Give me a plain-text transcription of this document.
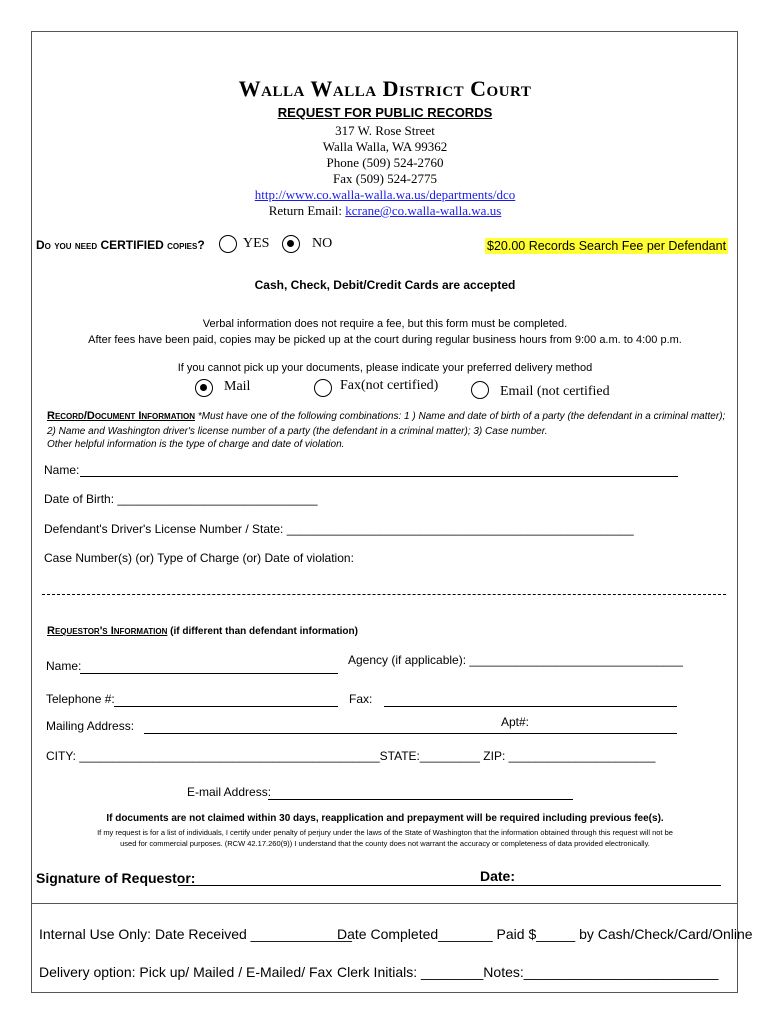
Walla Walla District Court
REQUEST FOR PUBLIC RECORDS
317 W. Rose Street
Walla Walla, WA 99362
Phone (509) 524-2760
Fax (509) 524-2775
http://www.co.walla-walla.wa.us/departments/dco
Return Email: kcrane@co.walla-walla.wa.us
Do you need CERTIFIED copies?	YES	NO	$20.00 Records Search Fee per Defendant
Cash, Check, Debit/Credit Cards are accepted
Verbal information does not require a fee, but this form must be completed.
After fees have been paid, copies may be picked up at the court during regular business hours from 9:00 a.m. to 4:00 p.m.
If you cannot pick up your documents, please indicate your preferred delivery method
Mail	Fax(not certified)	Email (not certified
Record/Document Information *Must have one of the following combinations: 1 ) Name and date of birth of a party (the defendant in a criminal matter);
2) Name and Washington driver's license number of a party (the defendant in a criminal matter); 3) Case number.
Other helpful information is the type of charge and date of violation.
Name:
Date of Birth: ______________________________
Defendant's Driver's License Number / State: ____________________________________________________
Case Number(s) (or) Type of Charge (or) Date of violation:
Requestor's Information (if different than defendant information)
Name:	Agency (if applicable): ________________________________
Telephone #:	Fax:
Mailing Address:	Apt#:
CITY: _____________________________________________STATE:_________ ZIP: ______________________
E-mail Address:
If documents are not claimed within 30 days, reapplication and prepayment will be required including previous fee(s).
If my request is for a list of individuals, I certify under penalty of perjury under the laws of the State of Washington that the information obtained through this request will not be
used for commercial purposes. (RCW 42.17.260(9)) I understand that the county does not warrant the accuracy or completeness of data provided electronically.
Signature of Requestor:	Date:
Internal Use Only: Date Received _____________
Date Completed_______ Paid $_____ by Cash/Check/Card/Online
Delivery option: Pick up/ Mailed / E-Mailed/ Fax Clerk Initials: ________Notes:_________________________
